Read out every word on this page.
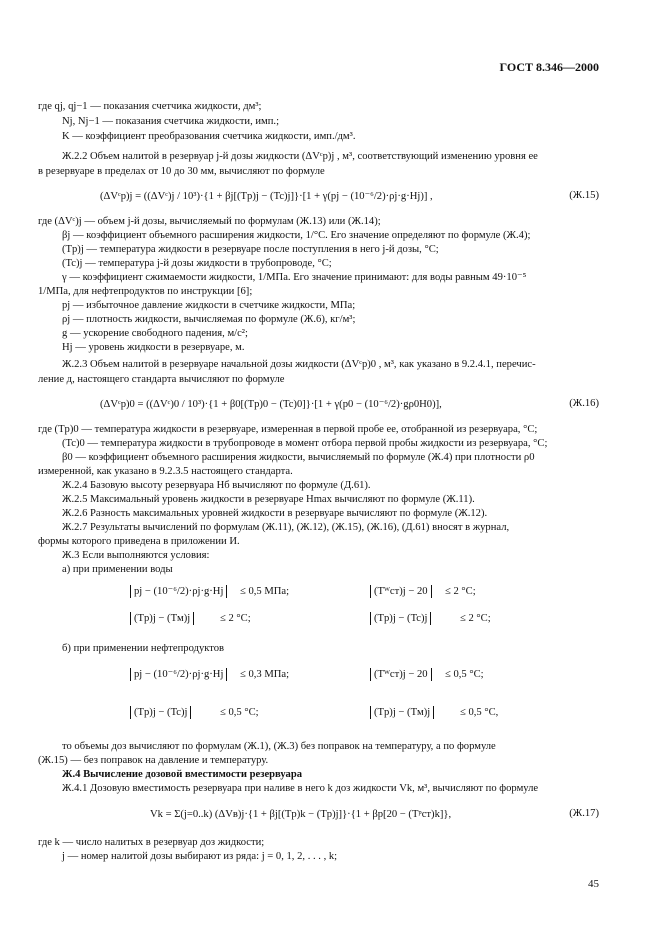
ГОСТ 8.346—2000
где qj, qj−1 — показания счетчика жидкости, дм³;
Nj, Nj−1 — показания счетчика жидкости, имп.;
K — коэффициент преобразования счетчика жидкости, имп./дм³.
Ж.2.2 Объем налитой в резервуар j-й дозы жидкости (ΔVᶜp)j , м³, соответствующий изменению уровня ее
в резервуаре в пределах от 10 до 30 мм, вычисляют по формуле
(ΔVᶜp)j = ((ΔVᶜ)j / 10³)·{1 + βj[(Tp)j − (Tc)j]}·[1 + γ(pj − (10⁻⁶/2)·ρj·g·Hj)] ,	(Ж.15)
где (ΔVᶜ)j — объем j-й дозы, вычисляемый по формулам (Ж.13) или (Ж.14);
βj — коэффициент объемного расширения жидкости, 1/°С. Его значение определяют по формуле (Ж.4);
(Tp)j — температура жидкости в резервуаре после поступления в него j-й дозы, °С;
(Tc)j — температура j-й дозы жидкости в трубопроводе, °С;
γ — коэффициент сжимаемости жидкости, 1/МПа. Его значение принимают: для воды равным 49·10⁻⁵
1/МПа, для нефтепродуктов по инструкции [6];
pj — избыточное давление жидкости в счетчике жидкости, МПа;
ρj — плотность жидкости, вычисляемая по формуле (Ж.6), кг/м³;
g — ускорение свободного падения, м/с²;
Hj — уровень жидкости в резервуаре, м.
Ж.2.3 Объем налитой в резервуаре начальной дозы жидкости (ΔVᶜp)0 , м³, как указано в 9.2.4.1, перечис-
ление д, настоящего стандарта вычисляют по формуле
(ΔVᶜp)0 = ((ΔVᶜ)0 / 10³)·{1 + β0[(Tp)0 − (Tc)0]}·[1 + γ(p0 − (10⁻⁶/2)·gρ0H0)],	(Ж.16)
где (Tp)0 — температура жидкости в резервуаре, измеренная в первой пробе ее, отобранной из резервуара, °С;
(Tc)0 — температура жидкости в трубопроводе в момент отбора первой пробы жидкости из резервуара, °С;
β0 — коэффициент объемного расширения жидкости, вычисляемый по формуле (Ж.4) при плотности ρ0
измеренной, как указано в 9.2.3.5 настоящего стандарта.
Ж.2.4 Базовую высоту резервуара Hб вычисляют по формуле (Д.61).
Ж.2.5 Максимальный уровень жидкости в резервуаре Hmax вычисляют по формуле (Ж.11).
Ж.2.6 Разность максимальных уровней жидкости в резервуаре вычисляют по формуле (Ж.12).
Ж.2.7 Результаты вычислений по формулам (Ж.11), (Ж.12), (Ж.15), (Ж.16), (Д.61) вносят в журнал,
формы которого приведена в приложении И.
Ж.3 Если выполняются условия:
а) при применении воды
pj − (10⁻⁶/2)·ρj·g·Hj	≤ 0,5 МПа;	(Tᵂст)j − 20	≤ 2 °С;
(Tp)j − (Tм)j	≤ 2 °С;	(Tp)j − (Tc)j	≤ 2 °С;
б) при применении нефтепродуктов
pj − (10⁻⁶/2)·ρj·g·Hj	≤ 0,3 МПа;	(Tᵂст)j − 20	≤ 0,5 °С;
(Tp)j − (Tc)j	≤ 0,5 °С;	(Tp)j − (Tм)j	≤ 0,5 °С,
то объемы доз вычисляют по формулам (Ж.1), (Ж.3) без поправок на температуру, а по формуле
(Ж.15) — без поправок на давление и температуру.
Ж.4 Вычисление дозовой вместимости резервуара
Ж.4.1 Дозовую вместимость резервуара при наливе в него k доз жидкости Vk, м³, вычисляют по формуле
Vk = Σ(j=0..k) (ΔVв)j·{1 + βj[(Tp)k − (Tp)j]}·{1 + βp[20 − (Tᵖст)k]},	(Ж.17)
где k — число налитых в резервуар доз жидкости;
j — номер налитой дозы выбирают из ряда: j = 0, 1, 2, . . . , k;
45
